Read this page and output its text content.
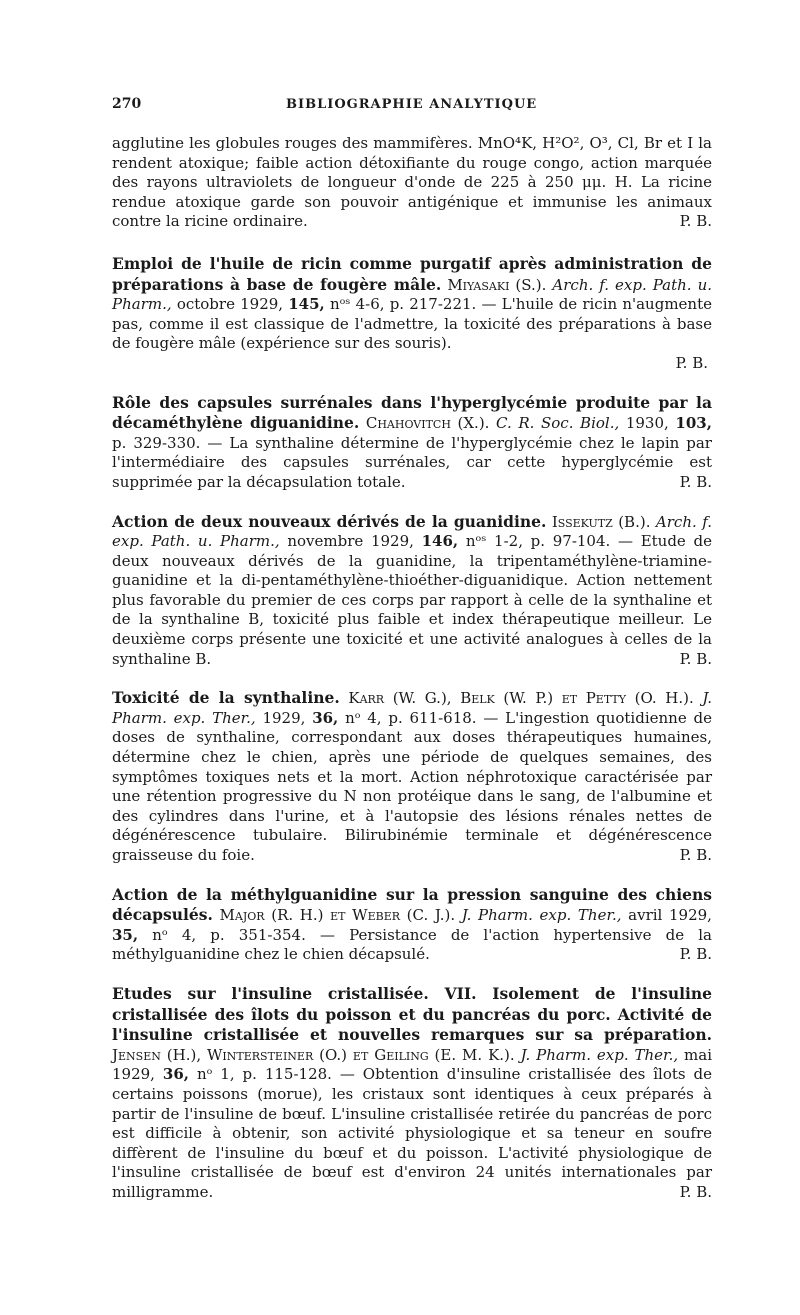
270	BIBLIOGRAPHIE ANALYTIQUE

agglutine les globules rouges des mammifères. MnO⁴K, H²O², O³, Cl, Br et I la rendent atoxique; faible action détoxifiante du rouge congo, action marquée des rayons ultraviolets de longueur d'onde de 225 à 250 μμ. H. La ricine rendue atoxique garde son pouvoir antigénique et immunise les animaux contre la ricine ordinaire.	P. B.

Emploi de l'huile de ricin comme purgatif après administration de préparations à base de fougère mâle. Miyasaki (S.). Arch. f. exp. Path. u. Pharm., octobre 1929, 145, nᵒˢ 4-6, p. 217-221. — L'huile de ricin n'augmente pas, comme il est classique de l'admettre, la toxicité des préparations à base de fougère mâle (expérience sur des souris).

P. B.

Rôle des capsules surrénales dans l'hyperglycémie produite par la décaméthylène diguanidine. Chahovitch (X.). C. R. Soc. Biol., 1930, 103, p. 329-330. — La synthaline détermine de l'hyperglycémie chez le lapin par l'intermédiaire des capsules surrénales, car cette hyperglycémie est supprimée par la décapsulation totale.	P. B.

Action de deux nouveaux dérivés de la guanidine. Issekutz (B.). Arch. f. exp. Path. u. Pharm., novembre 1929, 146, nᵒˢ 1-2, p. 97-104. — Etude de deux nouveaux dérivés de la guanidine, la tripentaméthylène-triamine-guanidine et la di-pentaméthylène-thioéther-diguanidique. Action nettement plus favorable du premier de ces corps par rapport à celle de la synthaline et de la synthaline B, toxicité plus faible et index thérapeutique meilleur. Le deuxième corps présente une toxicité et une activité analogues à celles de la synthaline B.	P. B.

Toxicité de la synthaline. Karr (W. G.), Belk (W. P.) et Petty (O. H.). J. Pharm. exp. Ther., 1929, 36, nᵒ 4, p. 611-618. — L'ingestion quotidienne de doses de synthaline, correspondant aux doses thérapeutiques humaines, détermine chez le chien, après une période de quelques semaines, des symptômes toxiques nets et la mort. Action néphrotoxique caractérisée par une rétention progressive du N non protéique dans le sang, de l'albumine et des cylindres dans l'urine, et à l'autopsie des lésions rénales nettes de dégénérescence tubulaire. Bilirubinémie terminale et dégénérescence graisseuse du foie.	P. B.

Action de la méthylguanidine sur la pression sanguine des chiens décapsulés. Major (R. H.) et Weber (C. J.). J. Pharm. exp. Ther., avril 1929, 35, nᵒ 4, p. 351-354. — Persistance de l'action hypertensive de la méthylguanidine chez le chien décapsulé.	P. B.

Etudes sur l'insuline cristallisée. VII. Isolement de l'insuline cristallisée des îlots du poisson et du pancréas du porc. Activité de l'insuline cristallisée et nouvelles remarques sur sa préparation. Jensen (H.), Wintersteiner (O.) et Geiling (E. M. K.). J. Pharm. exp. Ther., mai 1929, 36, nᵒ 1, p. 115-128. — Obtention d'insuline cristallisée des îlots de certains poissons (morue), les cristaux sont identiques à ceux préparés à partir de l'insuline de bœuf. L'insuline cristallisée retirée du pancréas de porc est difficile à obtenir, son activité physiologique et sa teneur en soufre diffèrent de l'insuline du bœuf et du poisson. L'activité physiologique de l'insuline cristallisée de bœuf est d'environ 24 unités internationales par milligramme.	P. B.
